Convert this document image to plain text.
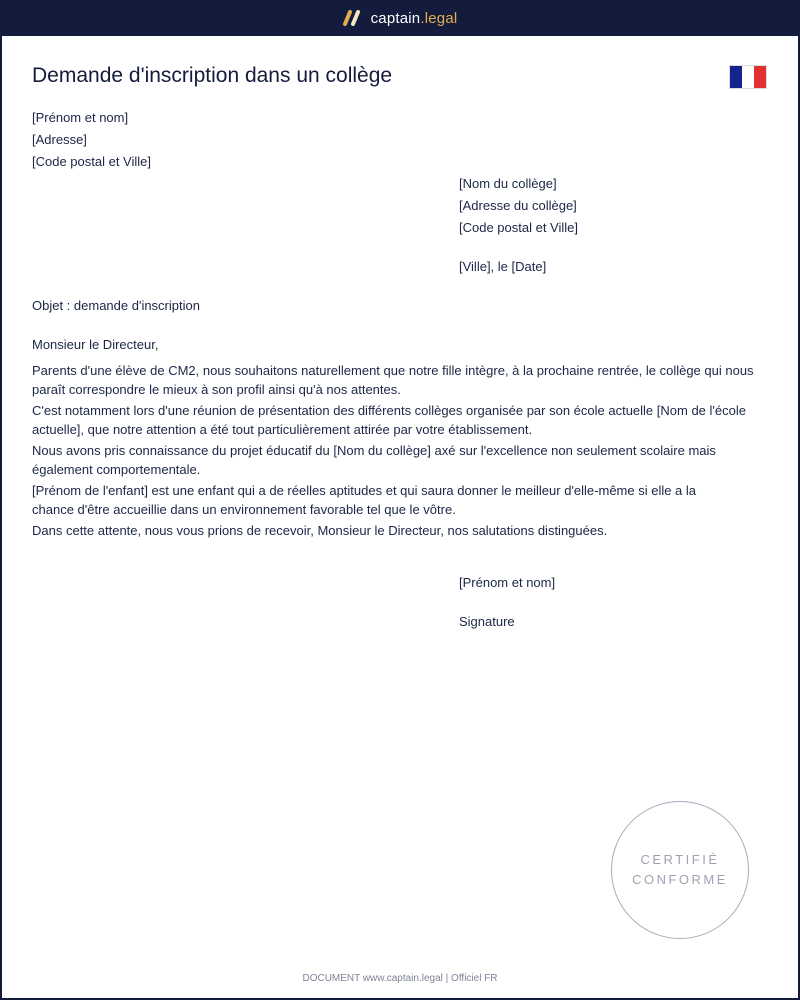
captain.legal
Demande d'inscription dans un collège
[Prénom et nom]
[Adresse]
[Code postal et Ville]
[Nom du collège]
[Adresse du collège]
[Code postal et Ville]
[Ville], le [Date]
Objet : demande d'inscription
Monsieur le Directeur,
Parents d'une élève de CM2, nous souhaitons naturellement que notre fille intègre, à la prochaine rentrée, le collège qui nous paraît correspondre le mieux à son profil ainsi qu'à nos attentes.
C'est notamment lors d'une réunion de présentation des différents collèges organisée par son école actuelle [Nom de l'école actuelle], que notre attention a été tout particulièrement attirée par votre établissement.
Nous avons pris connaissance du projet éducatif du [Nom du collège] axé sur l'excellence non seulement scolaire mais également comportementale.
[Prénom de l'enfant] est une enfant qui a de réelles aptitudes et qui saura donner le meilleur d'elle-même si elle a la chance d'être accueillie dans un environnement favorable tel que le vôtre.
Dans cette attente, nous vous prions de recevoir, Monsieur le Directeur, nos salutations distinguées.
[Prénom et nom]
Signature
CERTIFIÉ
CONFORME
DOCUMENT www.captain.legal | Officiel FR
